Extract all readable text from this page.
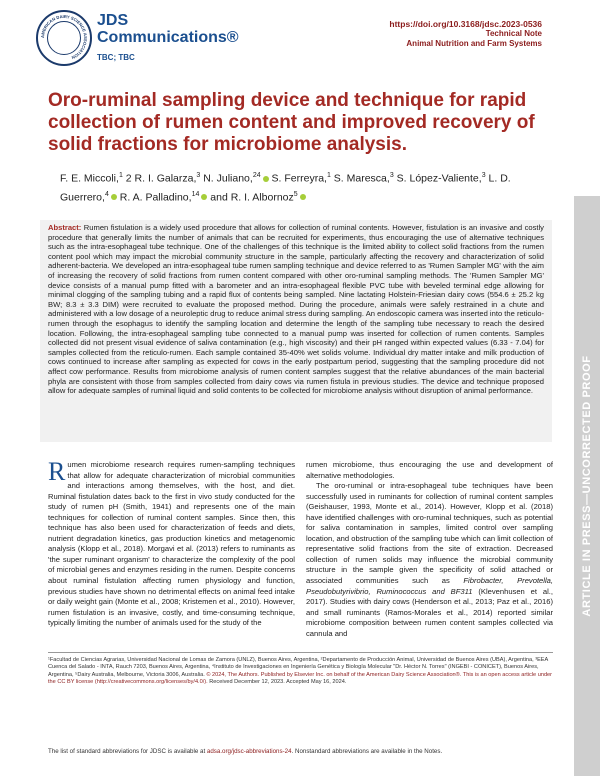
AMERICAN DAIRY SCIENCE ASSOCIATION
JDS
Communications®
TBC; TBC
https://doi.org/10.3168/jdsc.2023-0536
Technical Note
Animal Nutrition and Farm Systems
Oro-ruminal sampling device and technique for rapid collection of rumen content and improved recovery of solid fractions for microbiome analysis.
F. E. Miccoli,$^1$ 2 R. I. Galarza,$^3$ N. Juliano,$^{24}$ S. Ferreyra,$^1$ S. Maresca,$^3$ S. López-Valiente,$^3$ L. D. Guerrero,$^4$ R. A. Palladino,$^{14}$ and R. I. Albornoz$^5$
Abstract: Rumen fistulation is a widely used procedure that allows for collection of ruminal contents. However, fistulation is an invasive and costly procedure that generally limits the number of animals that can be recruited for experiments, thus encouraging the use of alternative techniques such as the intra-esophageal tube technique. One of the challenges of this technique is the limited ability to collect solid fractions from the rumen content pool which may impact the microbial community structure in the sample, particularly affecting the recovery and characterization of solid adherent-bacteria. We developed an intra-esophageal tube rumen sampling technique and device referred to as 'Rumen Sampler MG' with the aim of increasing the recovery of solid fractions from rumen content compared with other oro-ruminal sampling methods. The 'Rumen Sampler MG' device consists of a manual pump fitted with a barometer and an intra-esophageal flexible PVC tube with beveled terminal edge allowing for minimal clogging of the sampling tubing and a rapid flux of contents being sampled. Nine lactating Holstein-Friesian dairy cows (554.6 ± 25.2 kg BW; 8.3 ± 3.3 DIM) were recruited to evaluate the proposed method. During the procedure, animals were safely restrained in a chute and administered with a low dosage of a neuroleptic drug to reduce animal stress during sampling. An endoscopic camera was inserted into the reticulo-rumen through the esophagus to identify the sampling location and determine the length of the sampling tube necessary to reach the desired location. Following, the intra-esophageal sampling tube connected to a manual pump was inserted for collection of rumen contents. Samples collected did not present visual evidence of saliva contamination (e.g., high viscosity) and their pH ranged within expected values (6.33 - 7.04) for samples collected from the reticulo-rumen. Each sample contained 35-40% wet solids volume. Individual dry matter intake and milk production of cows continued to increase after sampling as expected for cows in the early postpartum period, suggesting that the sampling procedure did not affect cow performance. Results from microbiome analysis of rumen content samples suggest that the relative abundances of the main bacterial phyla are consistent with those from samples collected from dairy cows via rumen fistula in previous studies. The device and technique proposed allow for adequate samples of ruminal liquid and solid contents to be collected for microbiome analysis without disruption of animal performance.

R umen microbiome research requires rumen-sampling techniques that allow for adequate characterization of microbial communities and interactions among themselves, with the host, and diet. Ruminal fistulation dates back to the first in vivo study conducted for the study of rumen pH (Smith, 1941) and represents one of the main techniques for collection of ruminal content samples. Since then, this technique has also been used for characterization of feeds and diets, nutrient degradation kinetics, gas production kinetics and metagenomic analysis (Klopp et al., 2018). Morgavi et al. (2013) refers to ruminants as 'the super ruminant organism' to characterize the complexity of the pool of microbial genes and enzymes residing in the rumen. Despite concerns about ruminal fistulation affecting rumen physiology and function, previous studies have shown no detrimental effects on animal feed intake or daily weight gain (Monte et al., 2008; Kristemen et al., 2010). However, rumen fistulation is an invasive, costly, and time-consuming technique, typically limiting the number of animals used for the study of the

rumen microbiome, thus encouraging the use and development of alternative methodologies.

The oro-ruminal or intra-esophageal tube techniques have been successfully used in ruminants for collection of ruminal content samples (Geishauser, 1993, Monte et al., 2014). However, Klopp et al. (2018) have identified challenges with oro-ruminal techniques, such as potential for saliva contamination in samples, limited control over sampling location, and obstruction of the sampling tube which can limit collection of representative solid fractions from the site of extraction. Decreased collection of rumen solids may influence the microbial community structure in the sample given the specificity of solid attached or associated communities such as Fibrobacter, Prevotella, Pseudobutyrivibrio, Ruminococcus and BF311 (Klevenhusen et al., 2017). Studies with dairy cows (Henderson et al., 2013; Paz et al., 2016) and small ruminants (Ramos-Morales et al., 2014) reported similar microbiome composition between rumen content samples collected via cannula and

¹Facultad de Ciencias Agrarias, Universidad Nacional de Lomas de Zamora (UNLZ), Buenos Aires, Argentina, ²Departamento de Producción Animal, Universidad de Buenos Aires (UBA), Argentina, ³EEA Cuenca del Salado - INTA, Rauch 7203, Buenos Aires, Argentina, ⁴Instituto de Investigaciones en Ingeniería Genética y Biología Molecular "Dr. Héctor N. Torres" (INGEBI - CONICET), Buenos Aires, Argentina, ⁵Dairy Australia, Melbourne, Victoria 3006, Australia. © 2024, The Authors. Published by Elsevier Inc. on behalf of the American Dairy Science Association®. This is an open access article under the CC BY license (http://creativecommons.org/licenses/by/4.0/). Received December 12, 2023. Accepted May 16, 2024.
The list of standard abbreviations for JDSC is available at adsa.org/jdsc-abbreviations-24. Nonstandard abbreviations are available in the Notes.
ARTICLE IN PRESS—UNCORRECTED PROOF
